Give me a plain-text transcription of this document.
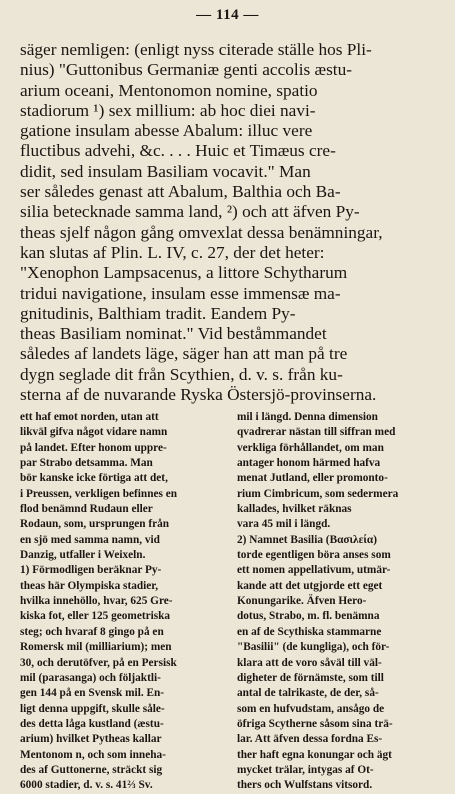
— 114 —
säger nemligen: (enligt nyss citerade ställe hos Pli-
nius) "Guttonibus Germaniæ genti accolis æstu-
arium oceani, Mentonomon nomine, spatio
stadiorum ¹) sex millium: ab hoc diei navi-
gatione insulam abesse Abalum: illuc vere
fluctibus advehi, &c. . . . Huic et Timæus cre-
didit, sed insulam Basiliam vocavit." Man
ser således genast att Abalum, Balthia och Ba-
silia betecknade samma land, ²) och att äfven Py-
theas sjelf någon gång omvexlat dessa benämningar,
kan slutas af Plin. L. IV, c. 27, der det heter:
"Xenophon Lampsacenus, a littore Schytharum
tridui navigatione, insulam esse immensæ ma-
gnitudinis, Balthiam tradit. Eandem Py-
theas Basiliam nominat." Vid beståmmandet
således af landets läge, säger han att man på tre
dygn seglade dit från Scythien, d. v. s. från ku-
sterna af de nuvarande Ryska Östersjö-provinserna.
ett haf emot norden, utan att
likväl gifva något vidare namn
på landet. Efter honom uppre-
par Strabo detsamma. Man
bör kanske icke förtiga att det,
i Preussen, verkligen befinnes en
flod benämnd Rudaun eller
Rodaun, som, ursprungen från
en sjö med samma namn, vid
Danzig, utfaller i Weixeln.
1) Förmodligen beräknar Py-
theas här Olympiska stadier,
hvilka innehöllo, hvar, 625 Gre-
kiska fot, eller 125 geometriska
steg; och hvaraf 8 gingo på en
Romersk mil (milliarium); men
30, och derutöfver, på en Persisk
mil (parasanga) och följaktli-
gen 144 på en Svensk mil. En-
ligt denna uppgift, skulle såle-
des detta låga kustland (æstu-
arium) hvilket Pytheas kallar
Mentonom n, och som inneha-
des af Guttonerne, sträckt sig
6000 stadier, d. v. s. 41⅔ Sv.
mil i längd. Denna dimension
qvadrerar nästan till siffran med
verkliga förhållandet, om man
antager honom härmed hafva
menat Jutland, eller promonto-
rium Cimbricum, som sedermera
kallades, hvilket räknas
vara 45 mil i längd.
2) Namnet Basilia (Βασιλεία)
torde egentligen böra anses som
ett nomen appellativum, utmär-
kande att det utgjorde ett eget
Konungarike. Äfven Hero-
dotus, Strabo, m. fl. benämna
en af de Scythiska stammarne
"Basilii" (de kungliga), och för-
klara att de voro såväl till väl-
digheter de förnämste, som till
antal de talrikaste, de der, så-
som en hufvudstam, ansågo de
öfriga Scytherne såsom sina trä-
lar. Att äfven dessa fordna Es-
ther haft egna konungar och ägt
mycket trälar, intygas af Ot-
thers och Wulfstans vitsord.
